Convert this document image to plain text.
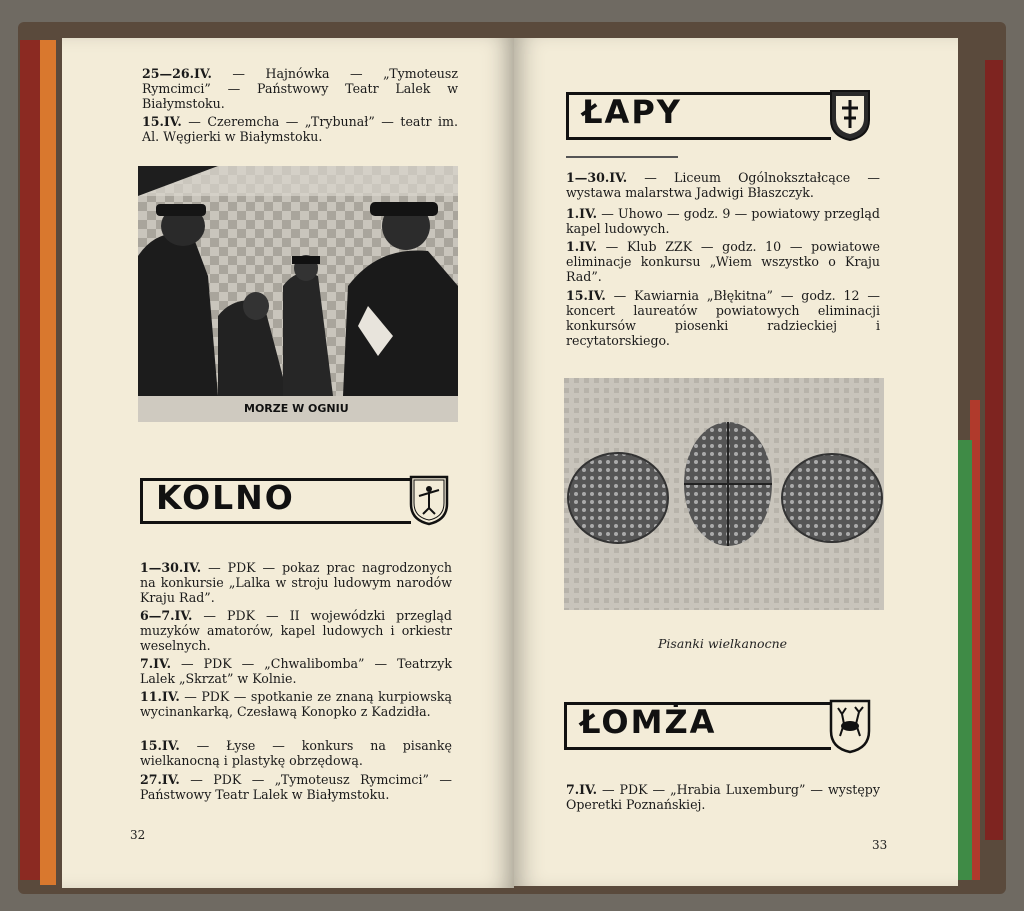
25—26.IV. — Hajnówka — „Tymoteusz Rymcimci” — Państwowy Teatr Lalek w Białymstoku.
15.IV. — Czeremcha — „Trybunał” — teatr im. Al. Węgierki w Białymstoku.
MORZE W OGNIU
KOLNO
1—30.IV. — PDK — pokaz prac nagrodzonych na konkursie „Lalka w stroju ludowym narodów Kraju Rad”.
6—7.IV. — PDK — II wojewódzki przegląd muzyków amatorów, kapel ludowych i orkiestr weselnych.
7.IV. — PDK — „Chwalibomba” — Teatrzyk Lalek „Skrzat” w Kolnie.
11.IV. — PDK — spotkanie ze znaną kurpiowską wycinankarką, Czesławą Konopko z Kadzidła.
15.IV. — Łyse — konkurs na pisankę wielkanocną i plastykę obrzędową.
27.IV. — PDK — „Tymoteusz Rymcimci” — Państwowy Teatr Lalek w Białymstoku.
32
ŁAPY
1—30.IV. — Liceum Ogólnokształcące — wystawa malarstwa Jadwigi Błaszczyk.
1.IV. — Uhowo — godz. 9 — powiatowy przegląd kapel ludowych.
1.IV. — Klub ZZK — godz. 10 — powiatowe eliminacje konkursu „Wiem wszystko o Kraju Rad”.
15.IV. — Kawiarnia „Błękitna” — godz. 12 — koncert laureatów powiatowych eliminacji konkursów piosenki radzieckiej i recytatorskiego.
Pisanki wielkanocne
ŁOMŻA
7.IV. — PDK — „Hrabia Luxemburg” — występy Operetki Poznańskiej.
33
